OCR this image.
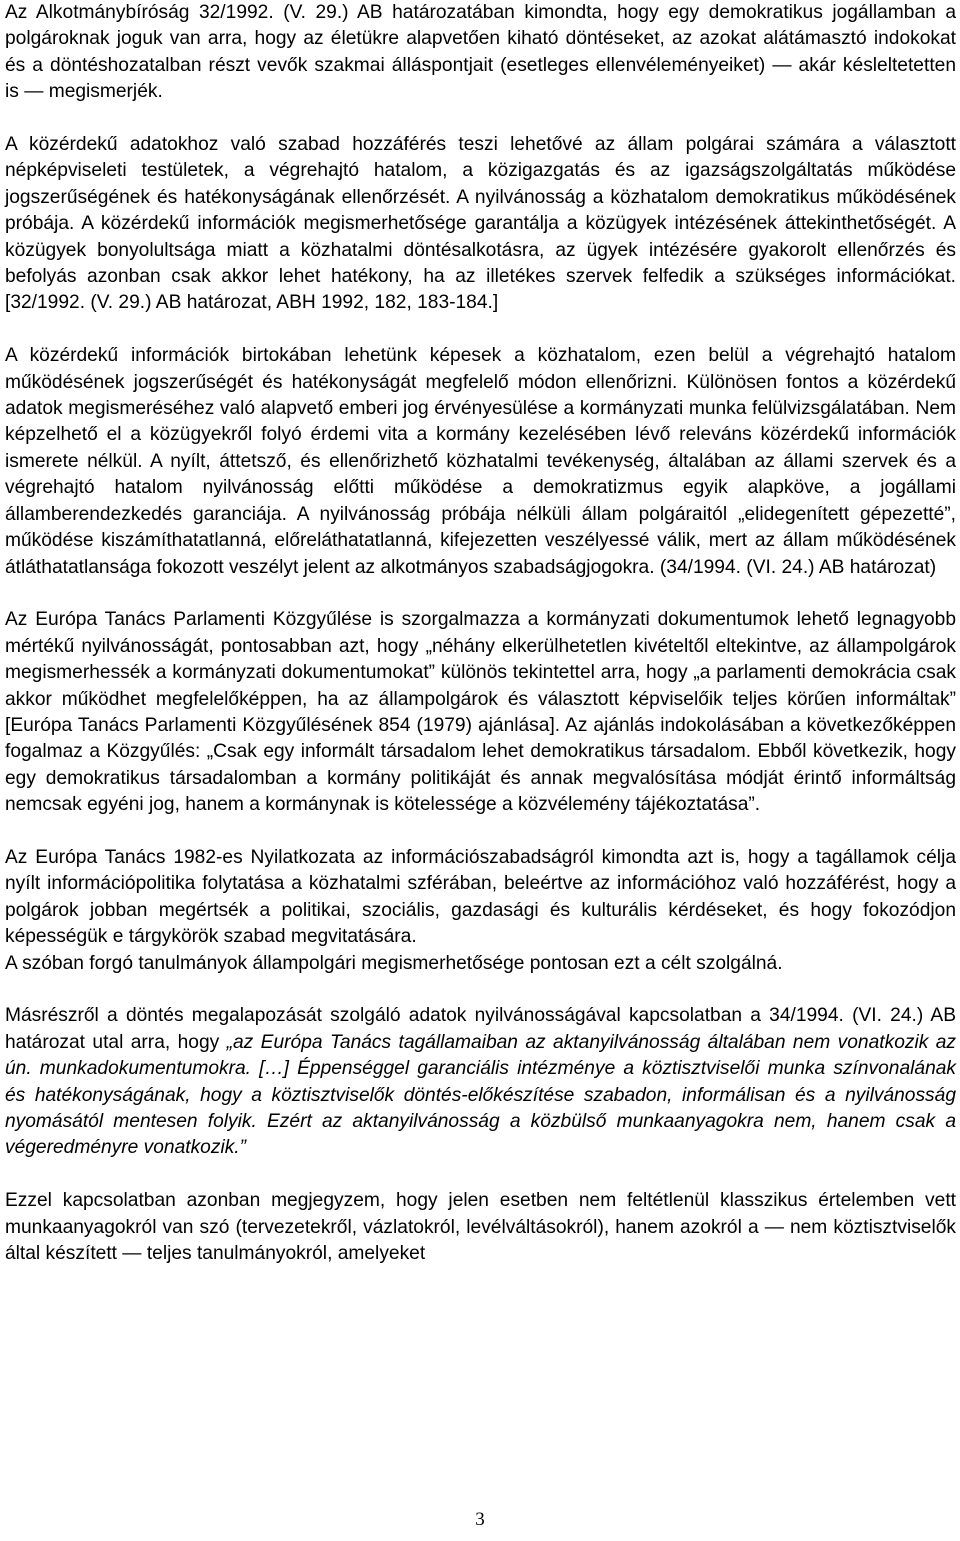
Az Alkotmánybíróság 32/1992. (V. 29.) AB határozatában kimondta, hogy egy demokratikus jogállamban a polgároknak joguk van arra, hogy az életükre alapvetően kiható döntéseket, az azokat alátámasztó indokokat és a döntéshozatalban részt vevők szakmai álláspontjait (esetleges ellenvéleményeiket) — akár késleltetetten is — megismerjék.

A közérdekű adatokhoz való szabad hozzáférés teszi lehetővé az állam polgárai számára a választott népképviseleti testületek, a végrehajtó hatalom, a közigazgatás és az igazságszolgáltatás működése jogszerűségének és hatékonyságának ellenőrzését. A nyilvánosság a közhatalom demokratikus működésének próbája. A közérdekű információk megismerhetősége garantálja a közügyek intézésének áttekinthetőségét. A közügyek bonyolultsága miatt a közhatalmi döntésalkotásra, az ügyek intézésére gyakorolt ellenőrzés és befolyás azonban csak akkor lehet hatékony, ha az illetékes szervek felfedik a szükséges információkat. [32/1992. (V. 29.) AB határozat, ABH 1992, 182, 183-184.]

A közérdekű információk birtokában lehetünk képesek a közhatalom, ezen belül a végrehajtó hatalom működésének jogszerűségét és hatékonyságát megfelelő módon ellenőrizni. Különösen fontos a közérdekű adatok megismeréséhez való alapvető emberi jog érvényesülése a kormányzati munka felülvizsgálatában. Nem képzelhető el a közügyekről folyó érdemi vita a kormány kezelésében lévő releváns közérdekű információk ismerete nélkül. A nyílt, áttetsző, és ellenőrizhető közhatalmi tevékenység, általában az állami szervek és a végrehajtó hatalom nyilvánosság előtti működése a demokratizmus egyik alapköve, a jogállami államberendezkedés garanciája. A nyilvánosság próbája nélküli állam polgáraitól „elidegenített gépezetté”, működése kiszámíthatatlanná, előreláthatatlanná, kifejezetten veszélyessé válik, mert az állam működésének átláthatatlansága fokozott veszélyt jelent az alkotmányos szabadságjogokra. (34/1994. (VI. 24.) AB határozat)

Az Európa Tanács Parlamenti Közgyűlése is szorgalmazza a kormányzati dokumentumok lehető legnagyobb mértékű nyilvánosságát, pontosabban azt, hogy „néhány elkerülhetetlen kivételtől eltekintve, az állampolgárok megismerhessék a kormányzati dokumentumokat” különös tekintettel arra, hogy „a parlamenti demokrácia csak akkor működhet megfelelőképpen, ha az állampolgárok és választott képviselőik teljes körűen informáltak” [Európa Tanács Parlamenti Közgyűlésének 854 (1979) ajánlása]. Az ajánlás indokolásában a következőképpen fogalmaz a Közgyűlés: „Csak egy informált társadalom lehet demokratikus társadalom. Ebből következik, hogy egy demokratikus társadalomban a kormány politikáját és annak megvalósítása módját érintő informáltság nemcsak egyéni jog, hanem a kormánynak is kötelessége a közvélemény tájékoztatása”.

Az Európa Tanács 1982-es Nyilatkozata az információszabadságról kimondta azt is, hogy a tagállamok célja nyílt információpolitika folytatása a közhatalmi szférában, beleértve az információhoz való hozzáférést, hogy a polgárok jobban megértsék a politikai, szociális, gazdasági és kulturális kérdéseket, és hogy fokozódjon képességük e tárgykörök szabad megvitatására.

A szóban forgó tanulmányok állampolgári megismerhetősége pontosan ezt a célt szolgálná.

Másrészről a döntés megalapozását szolgáló adatok nyilvánosságával kapcsolatban a 34/1994. (VI. 24.) AB határozat utal arra, hogy „az Európa Tanács tagállamaiban az aktanyilvánosság általában nem vonatkozik az ún. munkadokumentumokra. […] Éppenséggel garanciális intézménye a köztisztviselői munka színvonalának és hatékonyságának, hogy a köztisztviselők döntés-előkészítése szabadon, informálisan és a nyilvánosság nyomásától mentesen folyik. Ezért az aktanyilvánosság a közbülső munkaanyagokra nem, hanem csak a végeredményre vonatkozik.”

Ezzel kapcsolatban azonban megjegyzem, hogy jelen esetben nem feltétlenül klasszikus értelemben vett munkaanyagokról van szó (tervezetekről, vázlatokról, levélváltásokról), hanem azokról a — nem köztisztviselők által készített — teljes tanulmányokról, amelyeket

3
